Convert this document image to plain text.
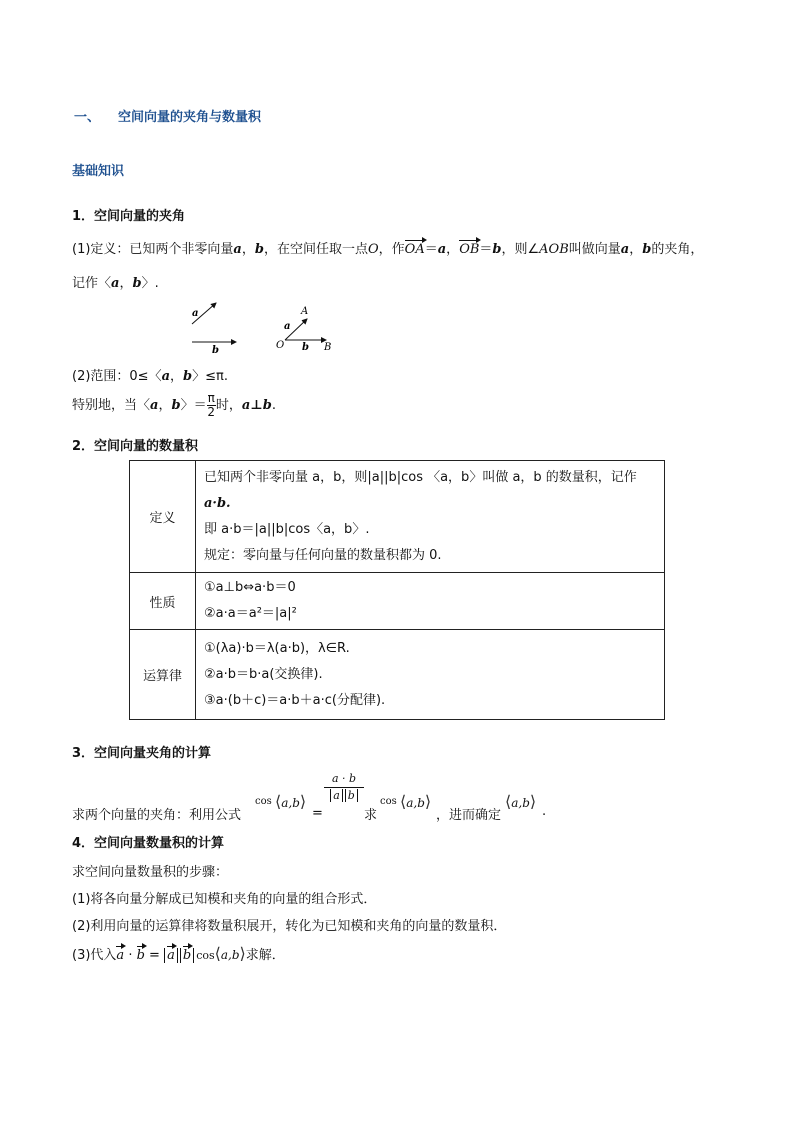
一、 空间向量的夹角与数量积
基础知识
1．空间向量的夹角
(1)定义：已知两个非零向量a，b，在空间任取一点O，作OA＝a，OB＝b，则∠AOB叫做向量a，b的夹角，
记作〈a，b〉.
a
b
A
a
O b B
(2)范围：0≤〈a，b〉≤π.
特别地，当〈a，b〉＝ $\frac{\pi}{2}$ 时，a⊥b.
2．空间向量的数量积
定义	已知两个非零向量 a，b，则|a||b|cos 〈a，b〉叫做 a，b 的数量积，记作
a·b.
即 a·b＝|a||b|cos〈a，b〉.
规定：零向量与任何向量的数量积都为 0.

性质	①a⊥b⇔a·b＝0
②a·a＝a²＝|a|²

运算律	①(λa)·b＝λ(a·b)，λ∈R.
②a·b＝b·a(交换律).
③a·(b＋c)＝a·b＋a·c(分配律).
3．空间向量夹角的计算
求两个向量的夹角：利用公式
cos ⟨a,b⟩
=
a · b
a b
求
cos ⟨a,b⟩
，进而确定
⟨a,b⟩
.
4．空间向量数量积的计算
求空间向量数量积的步骤：
(1)将各向量分解成已知模和夹角的向量的组合形式．
(2)利用向量的运算律将数量积展开，转化为已知模和夹角的向量的数量积．
(3)代入a · b = a b cos⟨a,b⟩求解．
